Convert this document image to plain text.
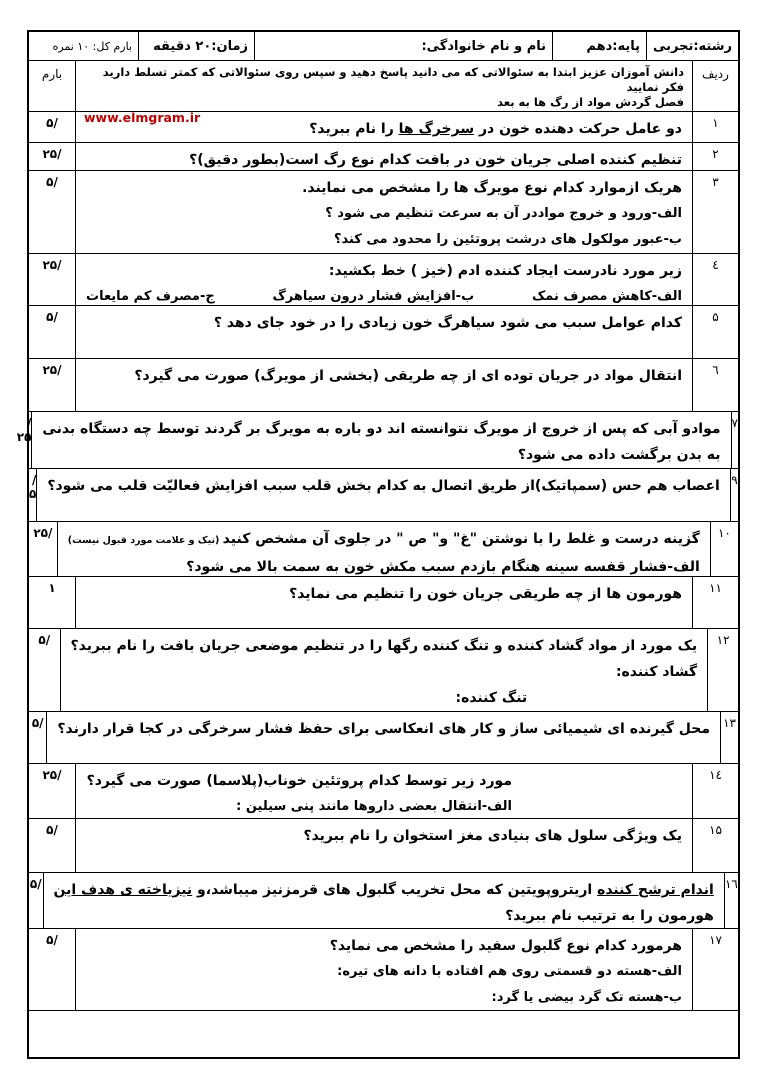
رشته:تجربی
پایه:دهم
نام و نام خانوادگی:
زمان:۲۰ دقیقه
بارم کل: ۱۰ نمره
ردیف
دانش آموزان عزیز ابتدا به سئوالاتی که می دانید پاسخ دهید و سپس روی سئوالاتی که کمتر تسلط دارید فکر نمایید
فصل گردش مواد از رگ ها به بعد
www.elmgram.ir
بارم
۱
دو عامل حرکت دهنده خون در سرخرگ ها را نام ببرید؟
/۵
۲
تنظیم کننده اصلی جریان خون در بافت کدام نوع رگ است(بطور دقیق)؟
/۲۵
۳
هریک ازموارد کدام نوع مویرگ ها را مشخص می نمایند.
الف-ورود و خروج مواددر آن به سرعت تنظیم می شود ؟
ب-عبور مولکول های درشت پروتئین را محدود می کند؟
/۵
٤
زیر مورد نادرست ایجاد کننده ادم (خیز ) خط بکشید:
الف-کاهش مصرف نمک
ب-افزایش فشار درون سیاهرگ
ج-مصرف کم مایعات
/۲۵
۵
کدام عوامل سبب می شود سیاهرگ خون زیادی را در خود جای دهد ؟
/۵
٦
انتقال مواد در جریان توده ای از چه طریقی (بخشی از مویرگ) صورت می گیرد؟
/۲۵
۷
موادو آبی که پس از خروج از مویرگ نتوانسته اند دو باره به مویرگ بر گردند توسط چه دستگاه بدنی
به بدن برگشت داده می شود؟
/۲۵
۹
اعصاب هم حس (سمپاتیک)از طریق اتصال به کدام بخش قلب سبب افزایش فعالیّت قلب می شود؟
/۵
۱۰
گزینه درست و غلط را با نوشتن "غ" و" ص " در جلوی آن مشخص کنید (تیک و علامت مورد قبول نیست)
الف-فشار قفسه سینه هنگام بازدم سبب مکش خون به سمت بالا می شود؟
/۲۵
۱۱
هورمون ها از چه طریقی جریان خون را تنظیم می نماید؟
۱
۱۲
یک مورد از مواد گشاد کننده و تنگ کننده رگها را در تنظیم موضعی جریان بافت را نام ببرید؟
گشاد کننده:
تنگ کننده:
/۵
۱۳
محل گیرنده ای شیمیائی ساز و کار های انعکاسی برای حفظ فشار سرخرگی در کجا قرار دارند؟
/۵
١٤
مورد زیر توسط کدام پروتئین خوناب(پلاسما) صورت می گیرد؟
الف-انتقال بعضی داروها مانند پنی سیلین :
/۲۵
۱۵
یک ویژگی سلول های بنیادی مغز استخوان را نام ببرید؟
/۵
١٦
اندام ترشح کننده اریتروپویتین که محل تخریب گلبول های قرمزنیز میباشد،و نیزیاخته ی هدف این
هورمون را به ترتیب نام ببرید؟
/۵
۱۷
هرمورد کدام نوع گلبول سفید را مشخص می نماید؟
الف-هسته دو قسمتی روی هم افتاده با دانه های تیره:
ب-هسته تک گرد بیضی یا گرد:
/۵
